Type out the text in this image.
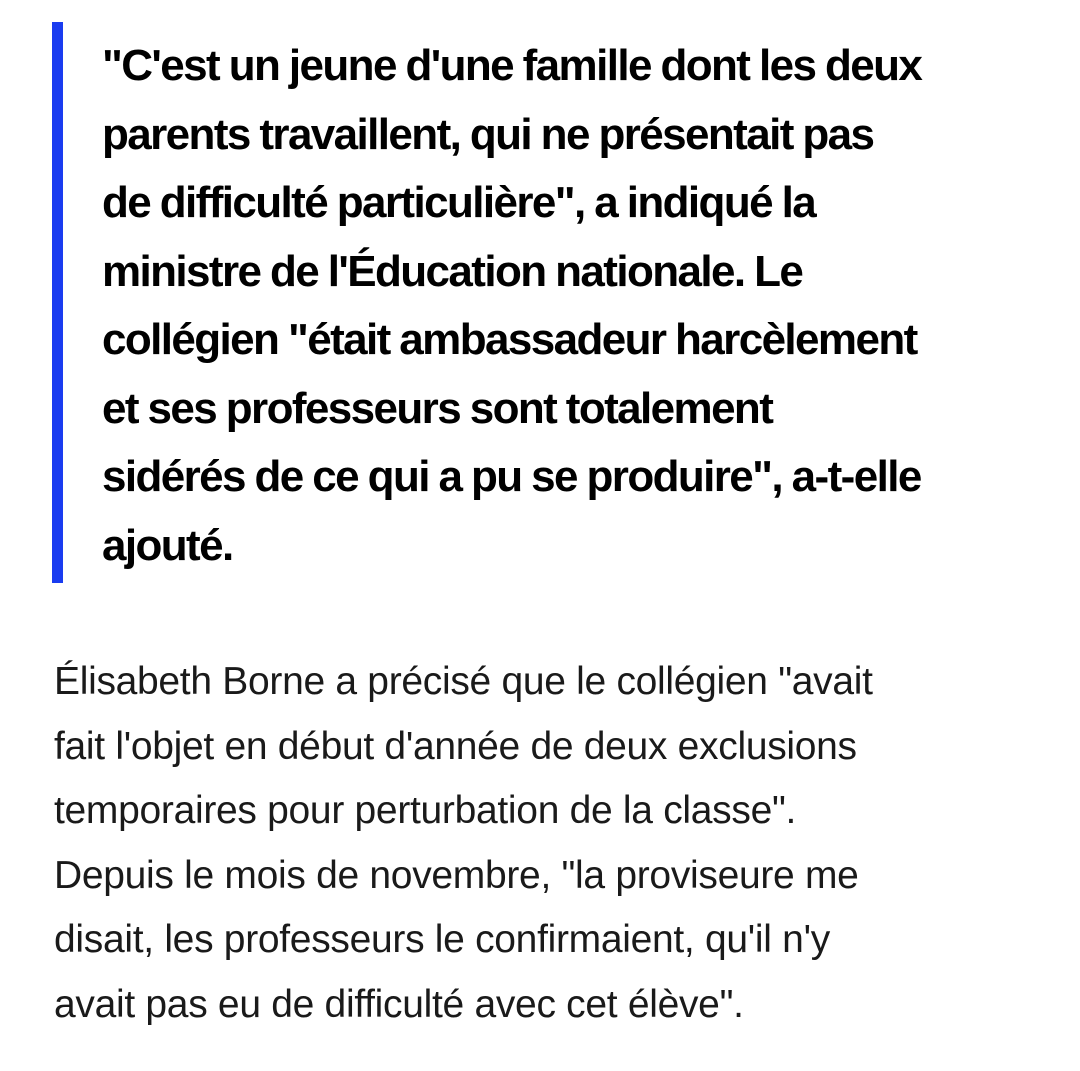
"C'est un jeune d'une famille dont les deux
parents travaillent, qui ne présentait pas
de difficulté particulière", a indiqué la
ministre de l'Éducation nationale. Le
collégien "était ambassadeur harcèlement
et ses professeurs sont totalement
sidérés de ce qui a pu se produire", a-t-elle
ajouté.

Élisabeth Borne a précisé que le collégien "avait
fait l'objet en début d'année de deux exclusions
temporaires pour perturbation de la classe".
Depuis le mois de novembre, "la proviseure me
disait, les professeurs le confirmaient, qu'il n'y
avait pas eu de difficulté avec cet élève".
